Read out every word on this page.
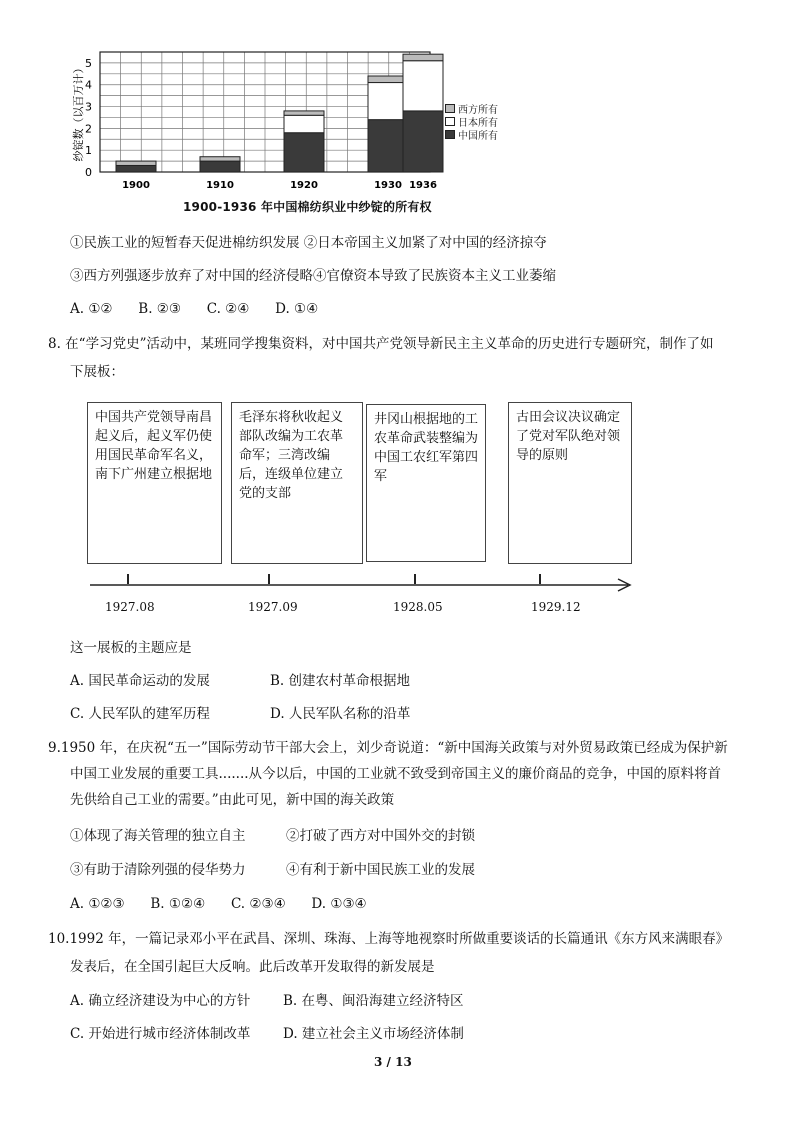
0
1
2
3
4
5
纱锭数（以百万计）
1900	1910	1920	1930 1936
西方所有
日本所有
中国所有
1900-1936 年中国棉纺织业中纱锭的所有权
①民族工业的短暂春天促进棉纺织发展 ②日本帝国主义加紧了对中国的经济掠夺
③西方列强逐步放弃了对中国的经济侵略④官僚资本导致了民族资本主义工业萎缩
A. ①②      B. ②③      C. ②④      D. ①④
8. 在“学习党史”活动中，某班同学搜集资料，对中国共产党领导新民主主义革命的历史进行专题研究，制作了如
下展板：
中国共产党领导南昌起义后，起义军仍使用国民革命军名义，南下广州建立根据地
毛泽东将秋收起义部队改编为工农革命军；三湾改编后，连级单位建立党的支部
井冈山根据地的工农革命武装整编为中国工农红军第四军
古田会议决议确定了党对军队绝对领导的原则
1927.08	1927.09	1928.05	1929.12
这一展板的主题应是
A. 国民革命运动的发展	B. 创建农村革命根据地
C. 人民军队的建军历程	D. 人民军队名称的沿革
9.1950 年，在庆祝“五一”国际劳动节干部大会上，刘少奇说道：“新中国海关政策与对外贸易政策已经成为保护新
中国工业发展的重要工具.......从今以后，中国的工业就不致受到帝国主义的廉价商品的竞争，中国的原料将首
先供给自己工业的需要。”由此可见，新中国的海关政策
①体现了海关管理的独立自主	②打破了西方对中国外交的封锁
③有助于清除列强的侵华势力	④有利于新中国民族工业的发展
A. ①②③      B. ①②④      C. ②③④      D. ①③④
10.1992 年，一篇记录邓小平在武昌、深圳、珠海、上海等地视察时所做重要谈话的长篇通讯《东方风来满眼春》
发表后，在全国引起巨大反响。此后改革开发取得的新发展是
A. 确立经济建设为中心的方针 B. 在粤、闽沿海建立经济特区
C. 开始进行城市经济体制改革 D. 建立社会主义市场经济体制
3 / 13
